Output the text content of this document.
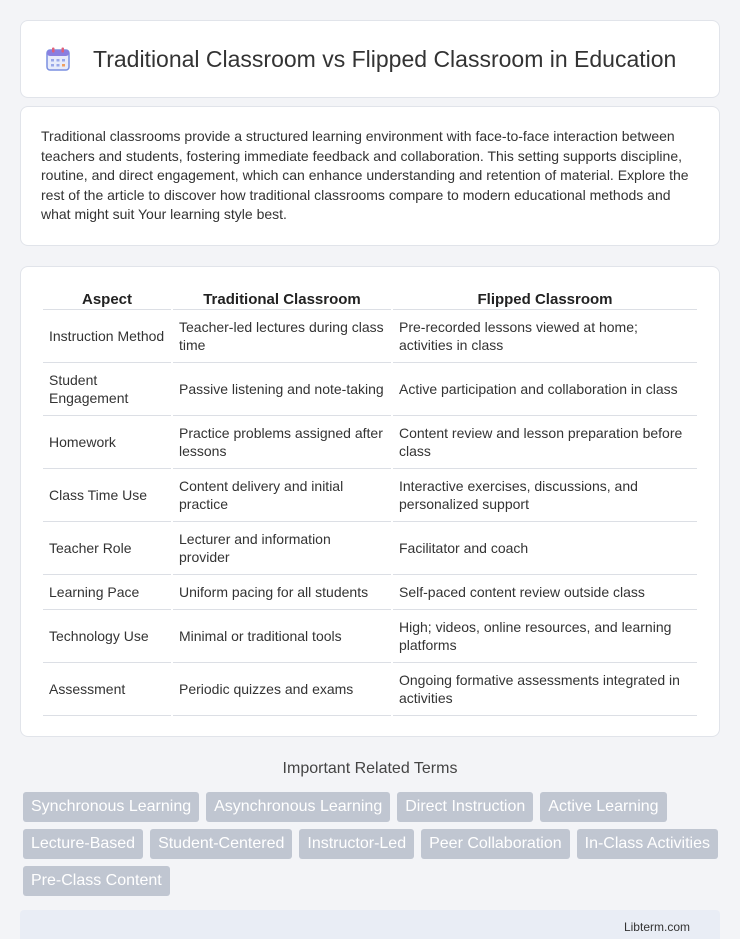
Traditional Classroom vs Flipped Classroom in Education

Traditional classrooms provide a structured learning environment with face-to-face interaction between teachers and students, fostering immediate feedback and collaboration. This setting supports discipline, routine, and direct engagement, which can enhance understanding and retention of material. Explore the rest of the article to discover how traditional classrooms compare to modern educational methods and what might suit Your learning style best.

Aspect	Traditional Classroom	Flipped Classroom
Instruction Method	Teacher-led lectures during class time	Pre-recorded lessons viewed at home; activities in class
Student Engagement	Passive listening and note-taking	Active participation and collaboration in class
Homework	Practice problems assigned after lessons	Content review and lesson preparation before class
Class Time Use	Content delivery and initial practice	Interactive exercises, discussions, and personalized support
Teacher Role	Lecturer and information provider	Facilitator and coach
Learning Pace	Uniform pacing for all students	Self-paced content review outside class
Technology Use	Minimal or traditional tools	High; videos, online resources, and learning platforms
Assessment	Periodic quizzes and exams	Ongoing formative assessments integrated in activities
Important Related Terms
Synchronous Learning	Asynchronous Learning	Direct Instruction	Active Learning
Lecture-Based	Student-Centered	Instructor-Led	Peer Collaboration	In-Class Activities
Pre-Class Content
Libterm.com
